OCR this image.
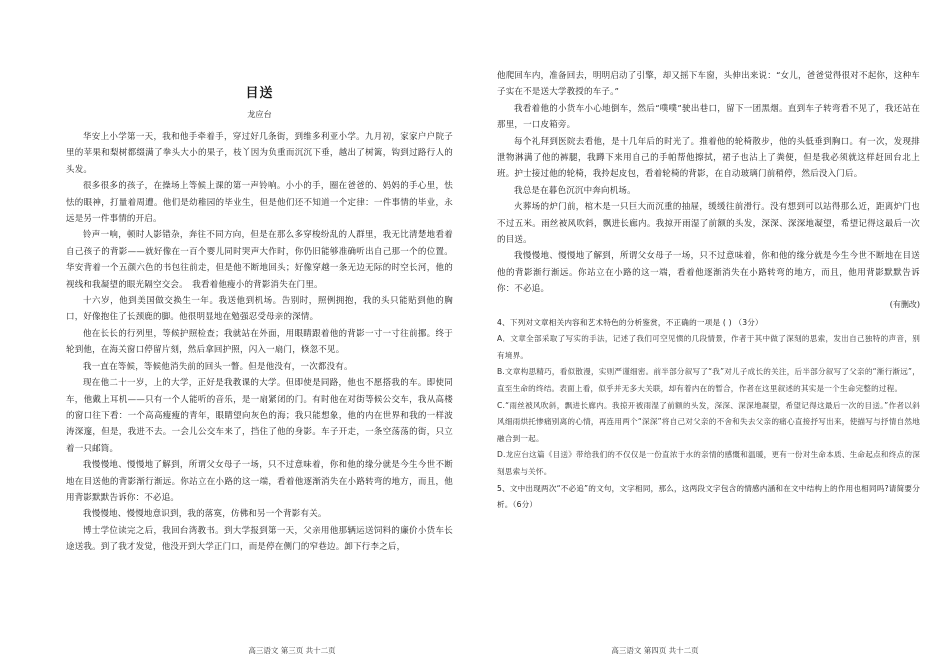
目送
龙应台

华安上小学第一天，我和他手牵着手，穿过好几条街，到维多利亚小学。九月初，家家户户院子里的苹果和梨树都缀满了拳头大小的果子，枝丫因为负重而沉沉下垂，越出了树篱，钩到过路行人的头发。

很多很多的孩子，在操场上等候上课的第一声铃响。小小的手，圈在爸爸的、妈妈的手心里，怯怯的眼神，打量着周遭。他们是幼稚园的毕业生，但是他们还不知道一个定律：一件事情的毕业，永远是另一件事情的开启。

铃声一响，顿时人影错杂，奔往不同方向，但是在那么多穿梭纷乱的人群里，我无比清楚地看着自己孩子的背影——就好像在一百个婴儿同时哭声大作时，你仍旧能够准确听出自己那一个的位置。华安背着一个五颜六色的书包往前走，但是他不断地回头；好像穿越一条无边无际的时空长河，他的视线和我凝望的眼光隔空交会。　我看着他瘦小的背影消失在门里。

十六岁，他到美国做交换生一年。我送他到机场。告别时，照例拥抱，我的头只能贴到他的胸口，好像抱住了长颈鹿的脚。他很明显地在勉强忍受母亲的深情。

他在长长的行列里，等候护照检查；我就站在外面，用眼睛跟着他的背影一寸一寸往前挪。终于轮到他，在海关窗口停留片刻，然后拿回护照，闪入一扇门，倏忽不见。

我一直在等候，等候他消失前的回头一瞥。但是他没有，一次都没有。

现在他二十一岁，上的大学，正好是我教课的大学。但即使是同路，他也不愿搭我的车。即使同车，他戴上耳机——只有一个人能听的音乐，是一扇紧闭的门。有时他在对街等候公交车，我从高楼的窗口往下看：一个高高瘦瘦的青年，眼睛望向灰色的海；我只能想象，他的内在世界和我的一样波涛深邃，但是，我进不去。一会儿公交车来了，挡住了他的身影。车子开走，一条空荡荡的街，只立着一只邮筒。

我慢慢地、慢慢地了解到，所谓父女母子一场，只不过意味着，你和他的缘分就是今生今世不断地在目送他的背影渐行渐远。你站立在小路的这一端，看着他逐渐消失在小路转弯的地方，而且，他用背影默默告诉你：不必追。

我慢慢地、慢慢地意识到，我的落寞，仿佛和另一个背影有关。

博士学位读完之后，我回台湾教书。到大学报到第一天，父亲用他那辆运送饲料的廉价小货车长途送我。到了我才发觉，他没开到大学正门口，而是停在侧门的窄巷边。卸下行李之后，

高三语文 第三页 共十二页

他爬回车内，准备回去，明明启动了引擎，却又摇下车窗，头伸出来说：“女儿，爸爸觉得很对不起你，这种车子实在不是送大学教授的车子。”

我看着他的小货车小心地倒车，然后“噗噗”驶出巷口，留下一团黑烟。直到车子转弯看不见了，我还站在那里，一口皮箱旁。

每个礼拜到医院去看他，是十几年后的时光了。推着他的轮椅散步，他的头低垂到胸口。有一次，发现排泄物淋满了他的裤腿，我蹲下来用自己的手帕帮他擦拭，裙子也沾上了粪便，但是我必须就这样赶回台北上班。护士接过他的轮椅，我拎起皮包，看着轮椅的背影，在自动玻璃门前稍停，然后没入门后。

我总是在暮色沉沉中奔向机场。

火葬场的炉门前，棺木是一只巨大而沉重的抽屉，缓缓往前滑行。没有想到可以站得那么近，距离炉门也不过五米。雨丝被风吹斜，飘进长廊内。我掠开雨湿了前额的头发，深深、深深地凝望，希望记得这最后一次的目送。

我慢慢地、慢慢地了解到，所谓父女母子一场，只不过意味着，你和他的缘分就是今生今世不断地在目送他的背影渐行渐远。你站立在小路的这一端，看着他逐渐消失在小路转弯的地方，而且，他用背影默默告诉你：不必追。

(有删改)

4、下列对文章相关内容和艺术特色的分析鉴赏，不正确的一项是 ( ) （3分）

A．文章全部采取了写实的手法，记述了我们可空见惯的几段情景，作者于其中做了深刻的思索，发出自己独特的声音，别有境界。

B.文章构思精巧，看似散漫，实则严谨细密。前半部分叙写了“我”对儿子成长的关注，后半部分叙写了父亲的“渐行渐远”，直至生命的终结。表面上看，似乎并无多大关联，却有着内在的暂合，作者在这里叙述的其实是一个生命完整的过程。

C.“雨丝被风吹斜，飘进长廊内。我掠开被雨湿了前额的头发，深深、深深地凝望，希望记得这最后一次的目送。”作者以斜风细雨烘托惨痛别离的心情，再连用两个“深深”将自己对父亲的不舍和失去父亲的痛心直接抒写出来，使描写与抒情自然地融合到一起。

D.龙应台这篇《目送》带给我们的不仅仅是一份直浓于水的亲情的感慨和温暖，更有一份对生命本质、生命起点和终点的深刻思索与关怀。

5、文中出现两次“不必追”的文句，文字相同，那么，这两段文字包含的情感内涵和在文中结构上的作用也相同吗?请简要分析。（6分）

高三语文 第四页 共十二页
